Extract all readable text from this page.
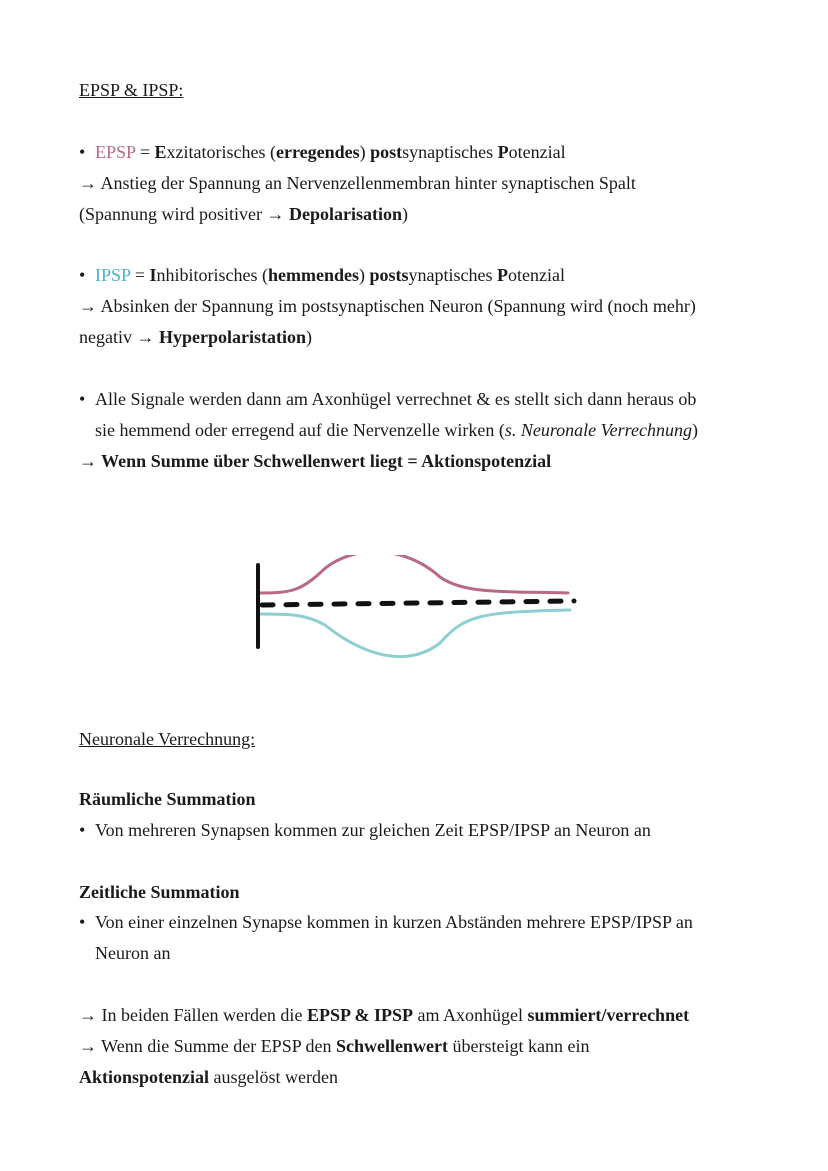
EPSP & IPSP:
• EPSP = Exzitatorisches (erregendes) postsynaptisches Potenzial
→ Anstieg der Spannung an Nervenzellenmembran hinter synaptischen Spalt
(Spannung wird positiver → Depolarisation)
• IPSP = Inhibitorisches (hemmendes) postsynaptisches Potenzial
→ Absinken der Spannung im postsynaptischen Neuron (Spannung wird (noch mehr)
negativ → Hyperpolaristation)
• Alle Signale werden dann am Axonhügel verrechnet & es stellt sich dann heraus ob
sie hemmend oder erregend auf die Nervenzelle wirken (s. Neuronale Verrechnung)
→ Wenn Summe über Schwellenwert liegt = Aktionspotenzial
Neuronale Verrechnung:
Räumliche Summation
• Von mehreren Synapsen kommen zur gleichen Zeit EPSP/IPSP an Neuron an
Zeitliche Summation
• Von einer einzelnen Synapse kommen in kurzen Abständen mehrere EPSP/IPSP an
Neuron an
→ In beiden Fällen werden die EPSP & IPSP am Axonhügel summiert/verrechnet
→ Wenn die Summe der EPSP den Schwellenwert übersteigt kann ein
Aktionspotenzial ausgelöst werden
